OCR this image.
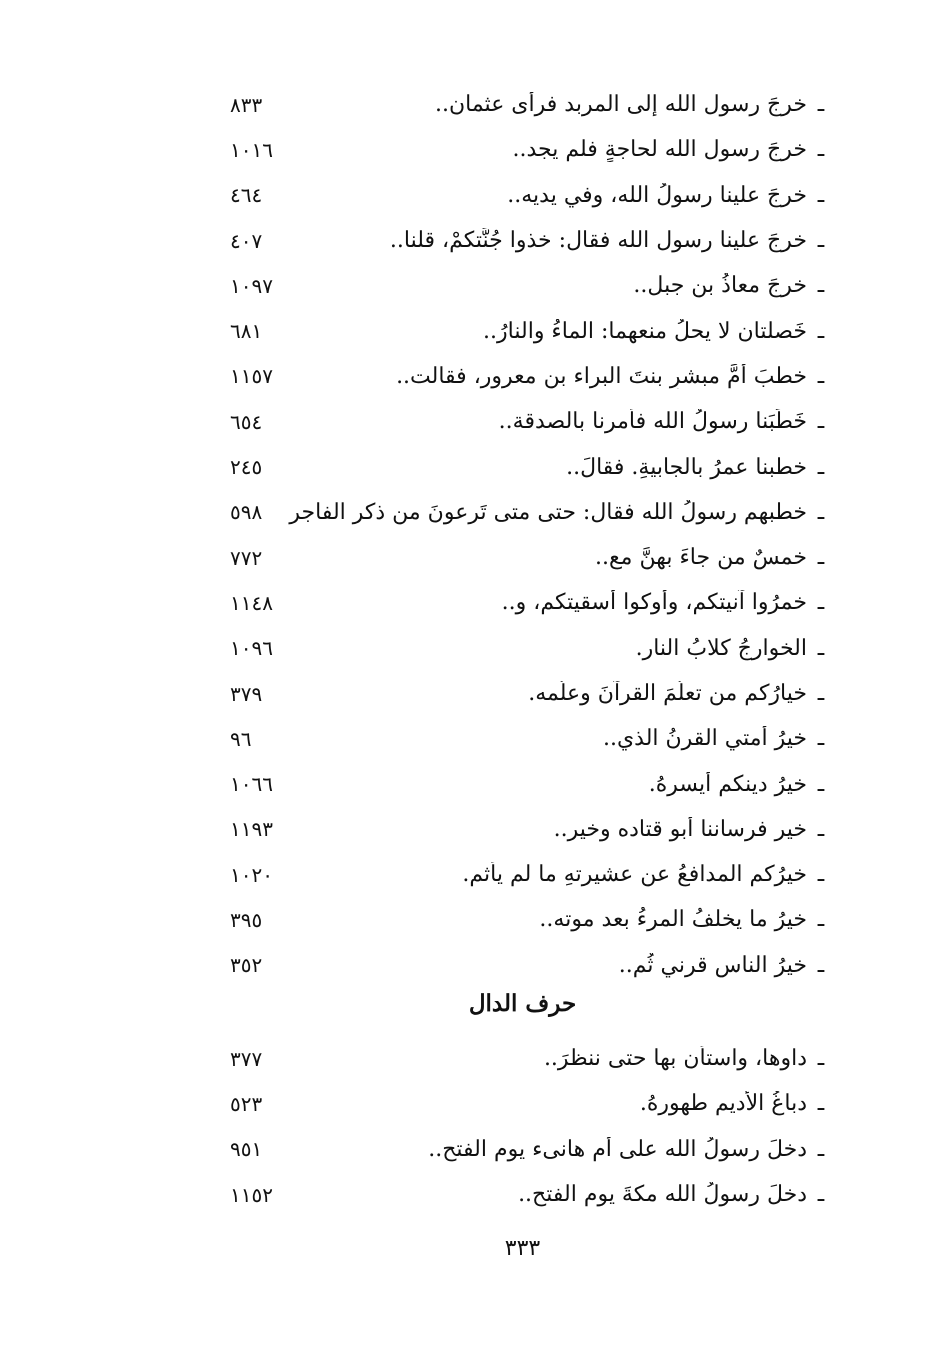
ـ
خرجَ رسول الله إلى المربد فرأى عثمان..
٨٣٣
ـ
خرجَ رسول الله لحاجةٍ فلم يجد..
١٠١٦
ـ
خرجَ علينا رسولُ الله، وفي يديه..
٤٦٤
ـ
خرجَ علينا رسول الله فقال: خذوا جُنَّتكمْ، قلنا..
٤٠٧
ـ
خرجَ معاذُ بن جبل..
١٠٩٧
ـ
خَصلتان لا يحلُ منعهما: الماءُ والنارُ..
٦٨١
ـ
خطبَ أمَّ مبشرٍ بنتَ البراء بن معرور، فقالت..
١١٥٧
ـ
خَطَبَنا رسولُ الله فأمرنا بالصدقة..
٦٥٤
ـ
خطبنا عمرُ بالجابيةِ. فقالَ..
٢٤٥
ـ
خطبهم رسولُ الله فقال: حتى متى تَرعونَ من ذكر الفاجر
٥٩٨
ـ
خمسٌ من جاءَ بهنَّ مع..
٧٧٢
ـ
خمرُوا آنيتكم، وأوكوا أسقيتكم، و..
١١٤٨
ـ
الخوارجُ كلابُ النار.
١٠٩٦
ـ
خيارُكم من تعلّمَ القرآنَ وعلّمه.
٣٧٩
ـ
خيرُ أمتي القرنُ الذي..
٩٦
ـ
خيرُ دينكم أيسرهُ.
١٠٦٦
ـ
خير فرساننا أبو قتاده وخير..
١١٩٣
ـ
خيرُكم المدافعُ عن عشيرتهِ ما لم يأثم.
١٠٢٠
ـ
خيرُ ما يخلفُ المرءُ بعد موته..
٣٩٥
ـ
خيرُ الناسِ قرني ثُم..
٣٥٢
حرف الدال
ـ
داوها، واستأن بها حتى ننظرَ..
٣٧٧
ـ
دباغُ الأديمِ طهورهُ.
٥٢٣
ـ
دخلَ رسولُ الله على أمِ هانىء يوم الفتحِ..
٩٥١
ـ
دخلَ رسولُ الله مكةَ يوم الفتحِ..
١١٥٢
٣٣٣
